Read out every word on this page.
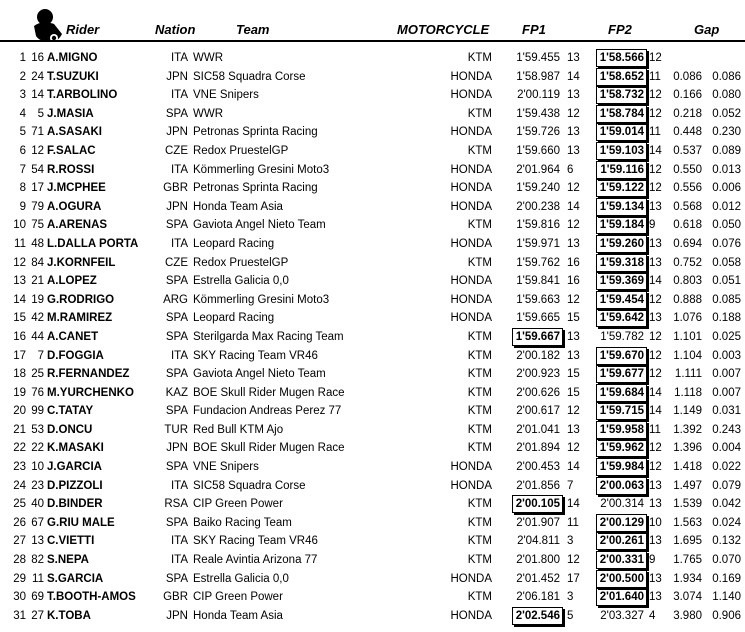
Rider	Nation	Team	MOTORCYCLE	FP1	FP2	Gap
1 16 A.MIGNO	ITA WWR	KTM 1'59.455 13 1'58.566 12
2 24 T.SUZUKI	JPN SIC58 Squadra Corse	HONDA 1'58.987 14 1'58.652 11 0.086 0.086
3 14 T.ARBOLINO	ITA VNE Snipers	HONDA 2'00.119 13 1'58.732 12 0.166 0.080
4 5 J.MASIA	SPA WWR	KTM 1'59.438 12 1'58.784 12 0.218 0.052
5 71 A.SASAKI	JPN Petronas Sprinta Racing	HONDA 1'59.726 13 1'59.014 11 0.448 0.230
6 12 F.SALAC	CZE Redox PruestelGP	KTM 1'59.660 13 1'59.103 14 0.537 0.089
7 54 R.ROSSI	ITA Kömmerling Gresini Moto3	HONDA 2'01.964 6 1'59.116 12 0.550 0.013
8 17 J.MCPHEE	GBR Petronas Sprinta Racing	HONDA 1'59.240 12 1'59.122 12 0.556 0.006
9 79 A.OGURA	JPN Honda Team Asia	HONDA 2'00.238 14 1'59.134 13 0.568 0.012
10 75 A.ARENAS	SPA Gaviota Angel Nieto Team	KTM 1'59.816 12 1'59.184 9 0.618 0.050
11 48 L.DALLA PORTA	ITA Leopard Racing	HONDA 1'59.971 13 1'59.260 13 0.694 0.076
12 84 J.KORNFEIL	CZE Redox PruestelGP	KTM 1'59.762 16 1'59.318 13 0.752 0.058
13 21 A.LOPEZ	SPA Estrella Galicia 0,0	HONDA 1'59.841 16 1'59.369 14 0.803 0.051
14 19 G.RODRIGO	ARG Kömmerling Gresini Moto3	HONDA 1'59.663 12 1'59.454 12 0.888 0.085
15 42 M.RAMIREZ	SPA Leopard Racing	HONDA 1'59.665 15 1'59.642 13 1.076 0.188
16 44 A.CANET	SPA Sterilgarda Max Racing Team	KTM 1'59.667 13 1'59.782 12 1.101 0.025
17 7 D.FOGGIA	ITA SKY Racing Team VR46	KTM 2'00.182 13 1'59.670 12 1.104 0.003
18 25 R.FERNANDEZ	SPA Gaviota Angel Nieto Team	KTM 2'00.923 15 1'59.677 12 1.111 0.007
19 76 M.YURCHENKO	KAZ BOE Skull Rider Mugen Race	KTM 2'00.626 15 1'59.684 14 1.118 0.007
20 99 C.TATAY	SPA Fundacion Andreas Perez 77	KTM 2'00.617 12 1'59.715 14 1.149 0.031
21 53 D.ONCU	TUR Red Bull KTM Ajo	KTM 2'01.041 13 1'59.958 11 1.392 0.243
22 22 K.MASAKI	JPN BOE Skull Rider Mugen Race	KTM 2'01.894 12 1'59.962 12 1.396 0.004
23 10 J.GARCIA	SPA VNE Snipers	HONDA 2'00.453 14 1'59.984 12 1.418 0.022
24 23 D.PIZZOLI	ITA SIC58 Squadra Corse	HONDA 2'01.856 7 2'00.063 13 1.497 0.079
25 40 D.BINDER	RSA CIP Green Power	KTM 2'00.105 14 2'00.314 13 1.539 0.042
26 67 G.RIU MALE	SPA Baiko Racing Team	KTM 2'01.907 11 2'00.129 10 1.563 0.024
27 13 C.VIETTI	ITA SKY Racing Team VR46	KTM 2'04.811 3 2'00.261 13 1.695 0.132
28 82 S.NEPA	ITA Reale Avintia Arizona 77	KTM 2'01.800 12 2'00.331 9 1.765 0.070
29 11 S.GARCIA	SPA Estrella Galicia 0,0	HONDA 2'01.452 17 2'00.500 13 1.934 0.169
30 69 T.BOOTH-AMOS GBR CIP Green Power	KTM 2'06.181 3 2'01.640 13 3.074 1.140
31 27 K.TOBA	JPN Honda Team Asia	HONDA 2'02.546 5 2'03.327 4 3.980 0.906
